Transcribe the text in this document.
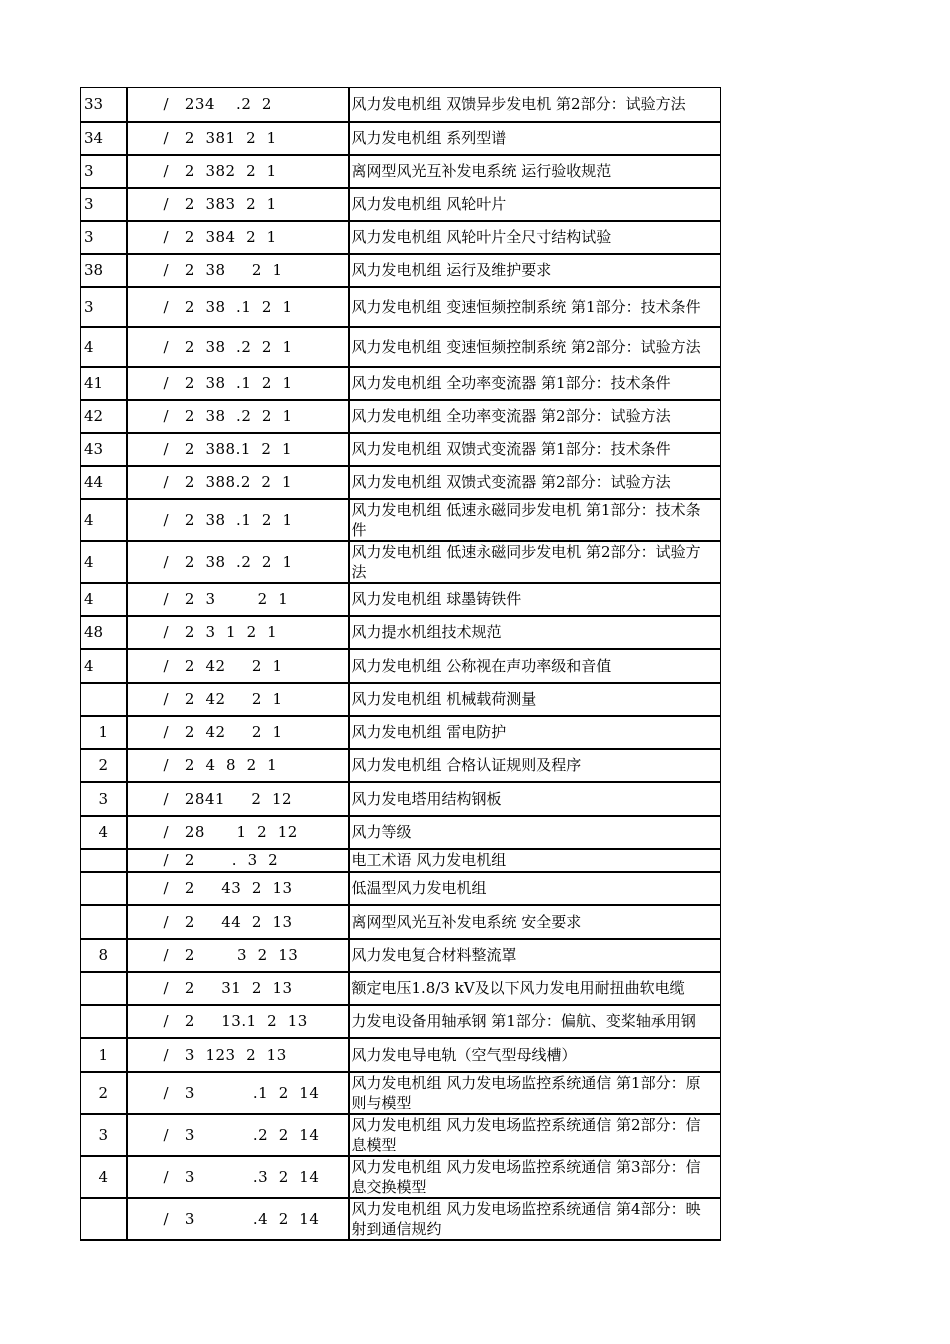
33	/   234    .2  2	风力发电机组 双馈异步发电机 第2部分：试验方法
34	/   2  381  2  1	风力发电机组 系列型谱
3	/   2  382  2  1	离网型风光互补发电系统 运行验收规范
3	/   2  383  2  1	风力发电机组 风轮叶片
3	/   2  384  2  1	风力发电机组 风轮叶片全尺寸结构试验
38	/   2  38     2  1	风力发电机组 运行及维护要求
3	/   2  38  .1  2  1	风力发电机组 变速恒频控制系统 第1部分：技术条件
4	/   2  38  .2  2  1	风力发电机组 变速恒频控制系统 第2部分：试验方法
41	/   2  38  .1  2  1	风力发电机组 全功率变流器 第1部分：技术条件
42	/   2  38  .2  2  1	风力发电机组 全功率变流器 第2部分：试验方法
43	/   2  388.1  2  1	风力发电机组 双馈式变流器 第1部分：技术条件
44	/   2  388.2  2  1	风力发电机组 双馈式变流器 第2部分：试验方法
4	/   2  38  .1  2  1	风力发电机组 低速永磁同步发电机 第1部分：技术条件
4	/   2  38  .2  2  1	风力发电机组 低速永磁同步发电机 第2部分：试验方法
4	/   2  3        2  1	风力发电机组 球墨铸铁件
48	/   2  3  1  2  1	风力提水机组技术规范
4	/   2  42     2  1	风力发电机组 公称视在声功率级和音值
	/   2  42     2  1	风力发电机组 机械载荷测量
1	/   2  42     2  1	风力发电机组 雷电防护
2	/   2  4  8  2  1	风力发电机组 合格认证规则及程序
3	/   2841     2  12	风力发电塔用结构钢板
4	/   28      1  2  12	风力等级
	/   2       .  3  2	电工术语 风力发电机组
	/   2     43  2  13	低温型风力发电机组
	/   2     44  2  13	离网型风光互补发电系统 安全要求
8	/   2        3  2  13	风力发电复合材料整流罩
	/   2     31  2  13	额定电压1.8/3 kV及以下风力发电用耐扭曲软电缆
	/   2     13.1  2  13	力发电设备用轴承钢 第1部分：偏航、变桨轴承用钢
1	/   3  123  2  13	风力发电导电轨（空气型母线槽）
2	/   3           .1  2  14	风力发电机组 风力发电场监控系统通信 第1部分：原则与模型
3	/   3           .2  2  14	风力发电机组 风力发电场监控系统通信 第2部分：信息模型
4	/   3           .3  2  14	风力发电机组 风力发电场监控系统通信 第3部分：信息交换模型
	/   3           .4  2  14	风力发电机组 风力发电场监控系统通信 第4部分：映射到通信规约
